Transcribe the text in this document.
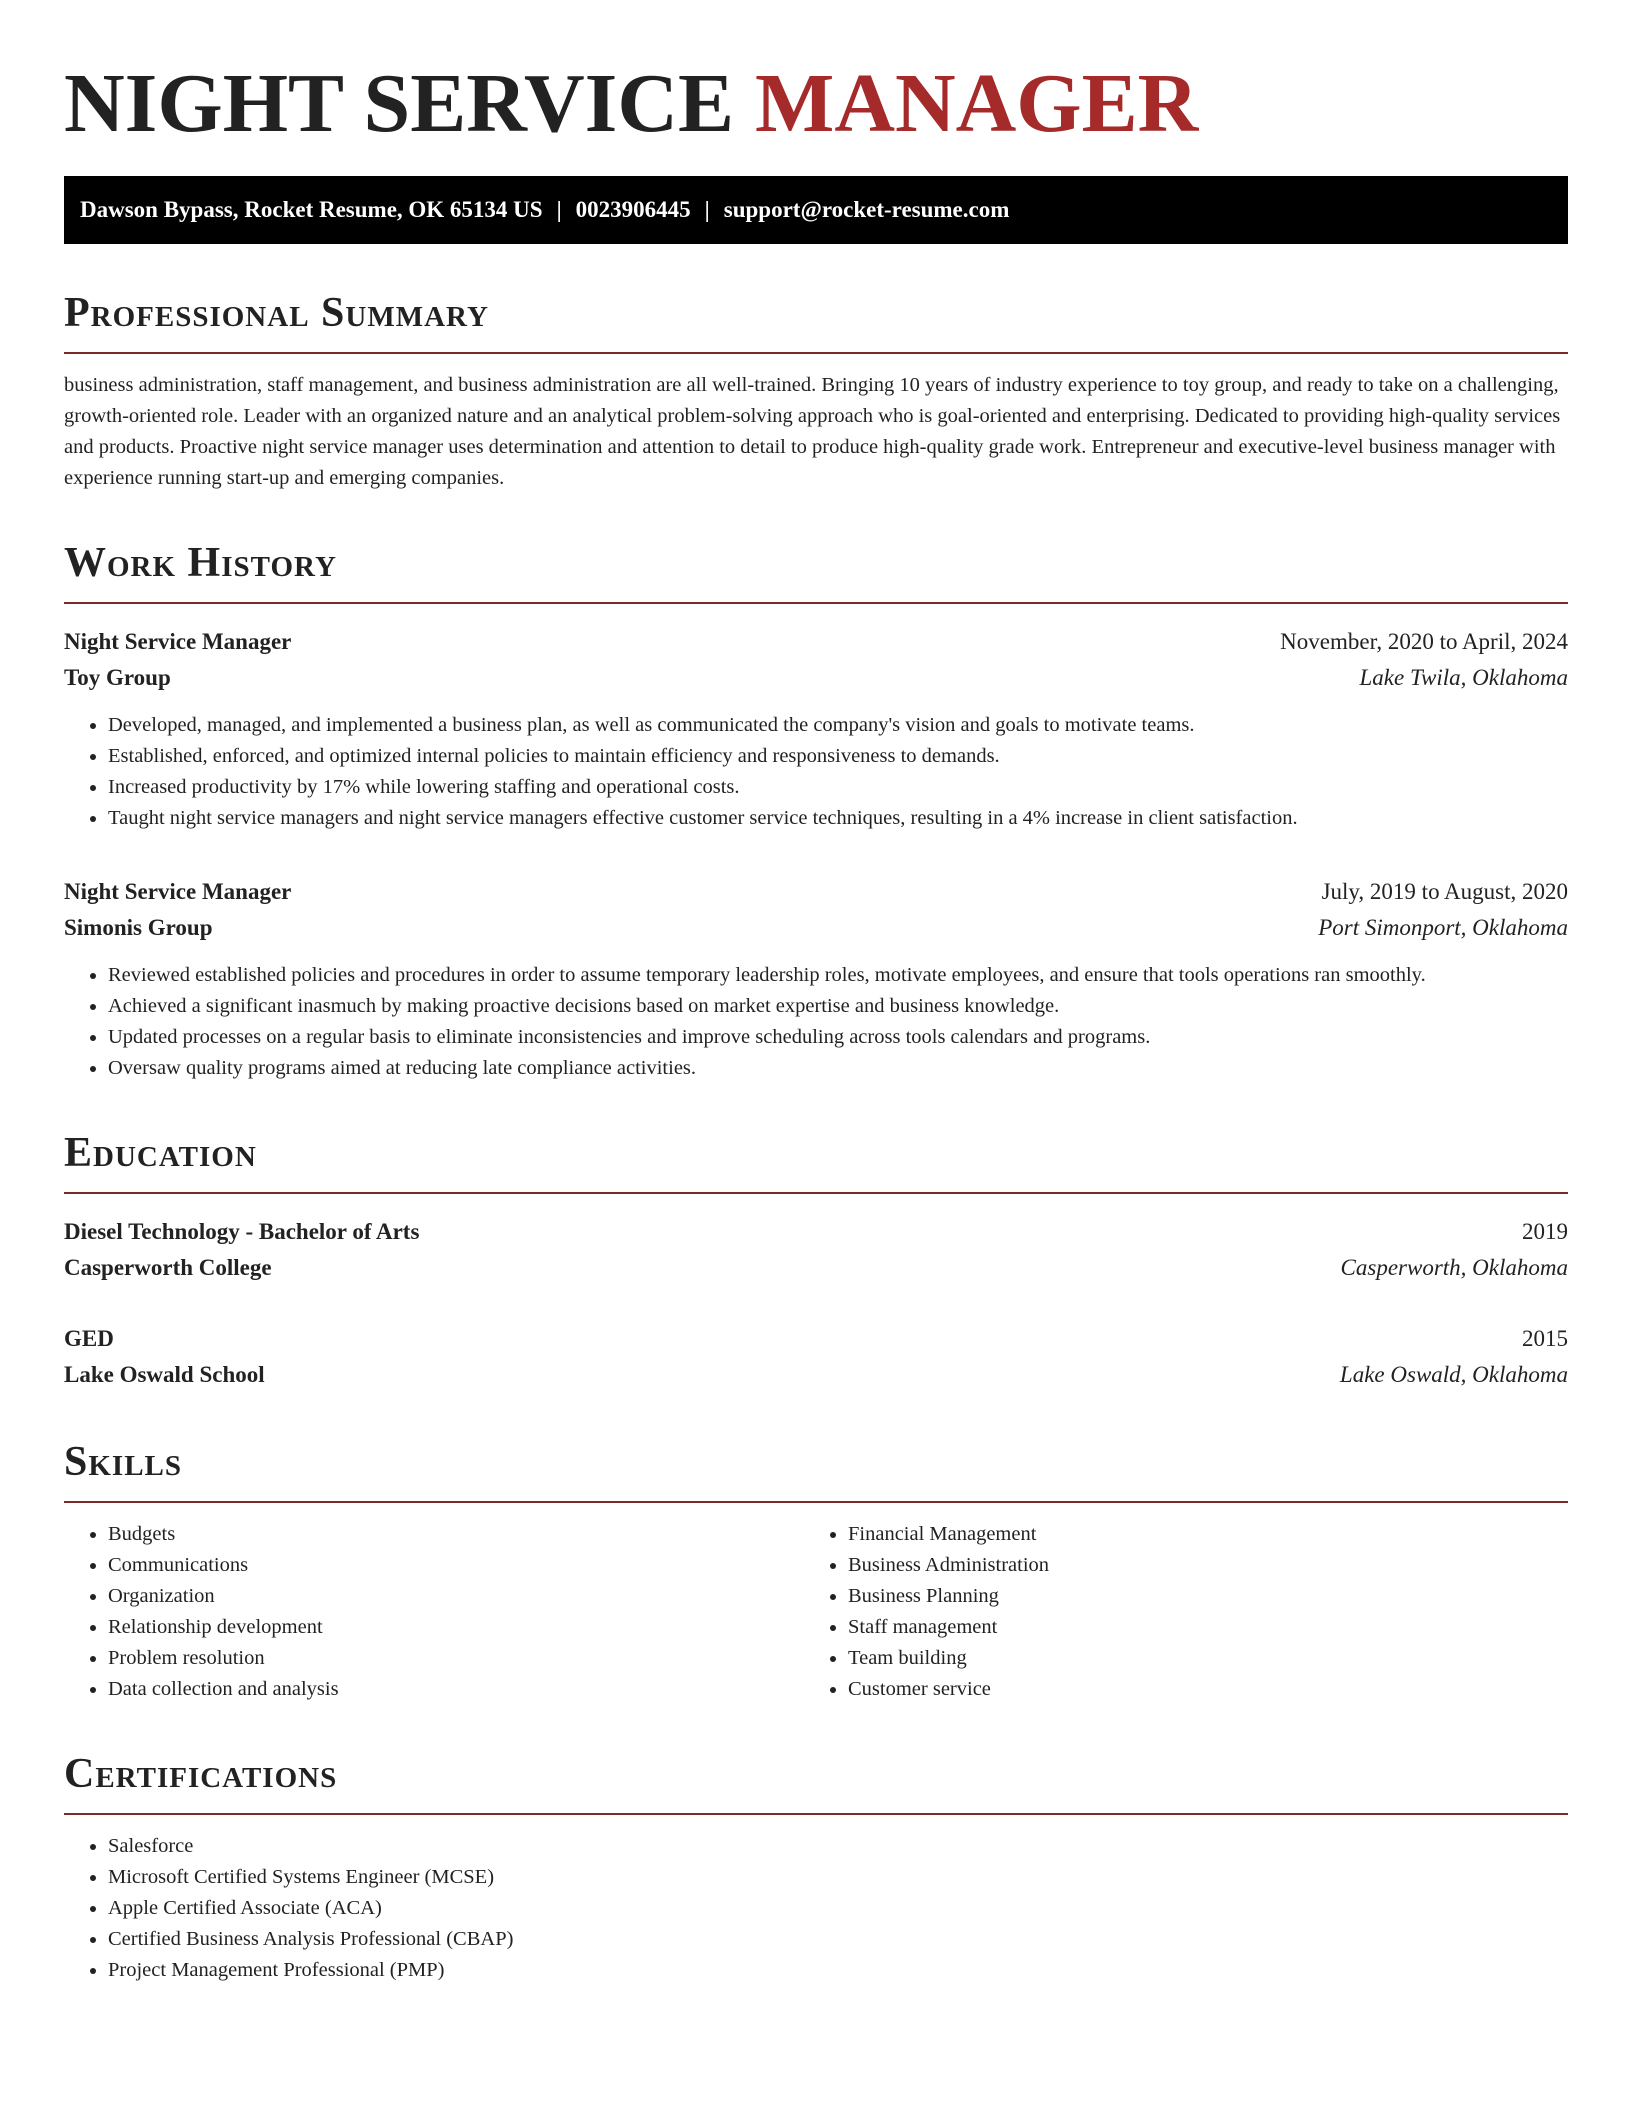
NIGHT SERVICE MANAGER
Dawson Bypass, Rocket Resume, OK 65134 US | 0023906445 | support@rocket-resume.com
Professional Summary

business administration, staff management, and business administration are all well-trained. Bringing 10 years of industry experience to toy group, and ready to take on a challenging, growth-oriented role. Leader with an organized nature and an analytical problem-solving approach who is goal-oriented and enterprising. Dedicated to providing high-quality services and products. Proactive night service manager uses determination and attention to detail to produce high-quality grade work. Entrepreneur and executive-level business manager with experience running start-up and emerging companies.

Work History
Night Service Manager	November, 2020 to April, 2024
Toy Group	Lake Twila, Oklahoma
• Developed, managed, and implemented a business plan, as well as communicated the company's vision and goals to motivate teams.
• Established, enforced, and optimized internal policies to maintain efficiency and responsiveness to demands.
• Increased productivity by 17% while lowering staffing and operational costs.
• Taught night service managers and night service managers effective customer service techniques, resulting in a 4% increase in client satisfaction.
Night Service Manager	July, 2019 to August, 2020
Simonis Group	Port Simonport, Oklahoma
• Reviewed established policies and procedures in order to assume temporary leadership roles, motivate employees, and ensure that tools operations ran smoothly.
• Achieved a significant inasmuch by making proactive decisions based on market expertise and business knowledge.
• Updated processes on a regular basis to eliminate inconsistencies and improve scheduling across tools calendars and programs.
• Oversaw quality programs aimed at reducing late compliance activities.
Education
Diesel Technology - Bachelor of Arts	2019
Casperworth College	Casperworth, Oklahoma
GED	2015
Lake Oswald School	Lake Oswald, Oklahoma
Skills
• Budgets
• Communications
• Organization
• Relationship development
• Problem resolution
• Data collection and analysis
• Financial Management
• Business Administration
• Business Planning
• Staff management
• Team building
• Customer service
Certifications
• Salesforce
• Microsoft Certified Systems Engineer (MCSE)
• Apple Certified Associate (ACA)
• Certified Business Analysis Professional (CBAP)
• Project Management Professional (PMP)
